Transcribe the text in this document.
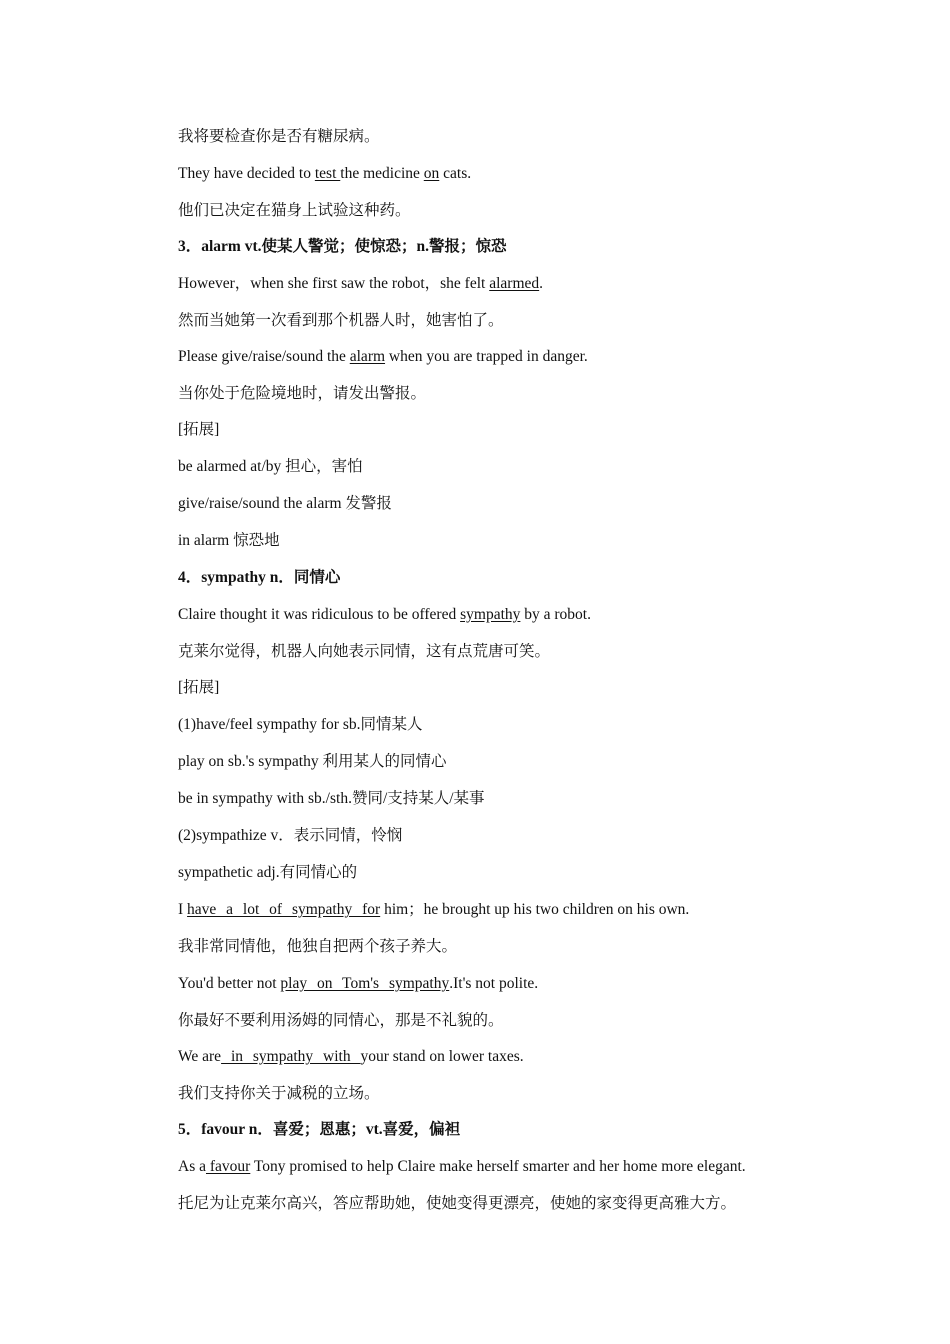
我将要检查你是否有糖尿病。
They have decided to test the medicine on cats.
他们已决定在猫身上试验这种药。
3．alarm vt.使某人警觉；使惊恐；n.警报；惊恐
However，when she first saw the robot，she felt alarmed.
然而当她第一次看到那个机器人时，她害怕了。
Please give/raise/sound the alarm when you are trapped in danger.
当你处于危险境地时，请发出警报。
[拓展]
be alarmed at/by 担心，害怕
give/raise/sound the alarm 发警报
in alarm 惊恐地
4．sympathy n．同情心
Claire thought it was ridiculous to be offered sympathy by a robot.
克莱尔觉得，机器人向她表示同情，这有点荒唐可笑。
[拓展]
(1)have/feel sympathy for sb.同情某人
play on sb.'s sympathy 利用某人的同情心
be in sympathy with sb./sth.赞同/支持某人/某事
(2)sympathize v．表示同情，怜悯
sympathetic adj.有同情心的
I have a lot of sympathy for him；he brought up his two children on his own.
我非常同情他，他独自把两个孩子养大。
You'd better not play on Tom's sympathy.It's not polite.
你最好不要利用汤姆的同情心，那是不礼貌的。
We are in sympathy with your stand on lower taxes.
我们支持你关于减税的立场。
5．favour n．喜爱；恩惠；vt.喜爱，偏袒
As a favour Tony promised to help Claire make herself smarter and her home more elegant.
托尼为让克莱尔高兴，答应帮助她，使她变得更漂亮，使她的家变得更高雅大方。
